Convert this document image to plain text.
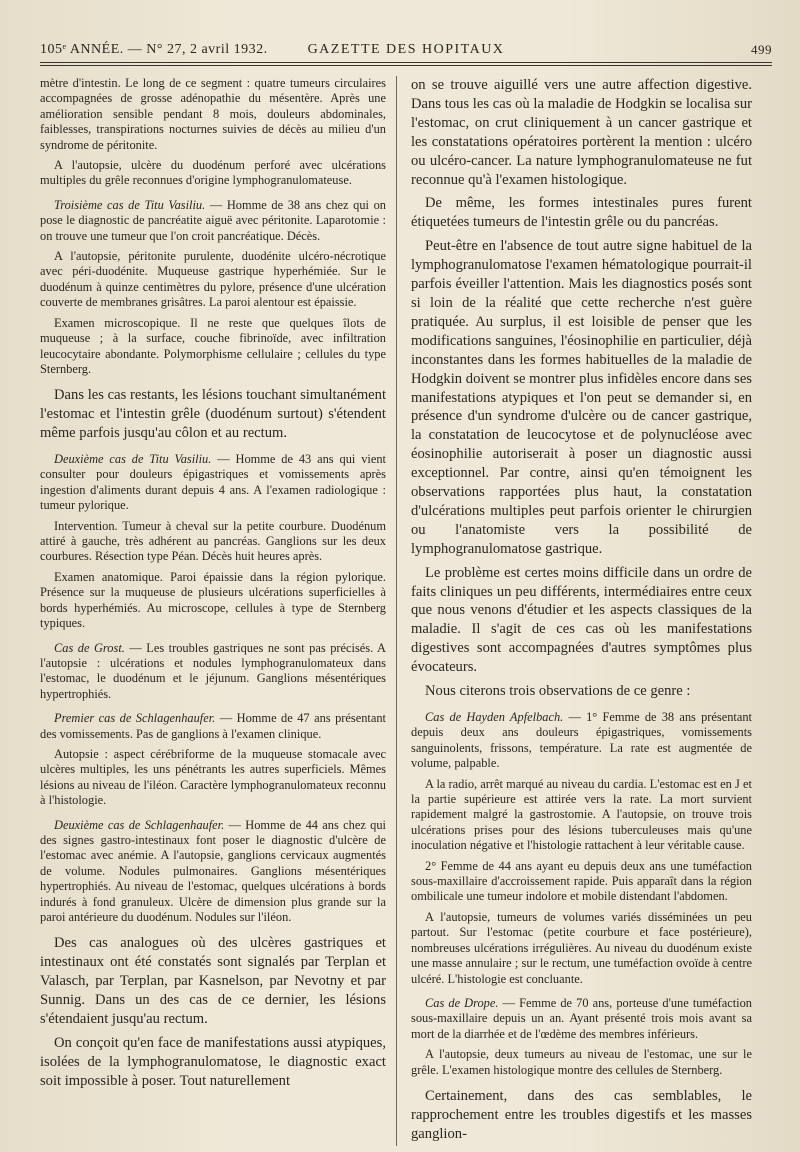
105ᵉ ANNÉE. — N° 27, 2 avril 1932.	GAZETTE DES HOPITAUX	499

mètre d'intestin. Le long de ce segment : quatre tumeurs circulaires accompagnées de grosse adénopathie du mésentère. Après une amélioration sensible pendant 8 mois, douleurs abdominales, faiblesses, transpirations nocturnes suivies de décès au milieu d'un syndrome de péritonite.

A l'autopsie, ulcère du duodénum perforé avec ulcérations multiples du grêle reconnues d'origine lymphogranulomateuse.

Troisième cas de Titu Vasiliu. — Homme de 38 ans chez qui on pose le diagnostic de pancréatite aiguë avec péritonite. Laparotomie : on trouve une tumeur que l'on croit pancréatique. Décès.

A l'autopsie, péritonite purulente, duodénite ulcéro-nécrotique avec péri-duodénite. Muqueuse gastrique hyperhémiée. Sur le duodénum à quinze centimètres du pylore, présence d'une ulcération couverte de membranes grisâtres. La paroi alentour est épaissie.

Examen microscopique. Il ne reste que quelques îlots de muqueuse ; à la surface, couche fibrinoïde, avec infiltration leucocytaire abondante. Polymorphisme cellulaire ; cellules du type Sternberg.

Dans les cas restants, les lésions touchant simultanément l'estomac et l'intestin grêle (duodénum surtout) s'étendent même parfois jusqu'au côlon et au rectum.

Deuxième cas de Titu Vasiliu. — Homme de 43 ans qui vient consulter pour douleurs épigastriques et vomissements après ingestion d'aliments durant depuis 4 ans. A l'examen radiologique : tumeur pylorique.

Intervention. Tumeur à cheval sur la petite courbure. Duodénum attiré à gauche, très adhérent au pancréas. Ganglions sur les deux courbures. Résection type Péan. Décès huit heures après.

Examen anatomique. Paroi épaissie dans la région pylorique. Présence sur la muqueuse de plusieurs ulcérations superficielles à bords hyperhémiés. Au microscope, cellules à type de Sternberg typiques.

Cas de Grost. — Les troubles gastriques ne sont pas précisés. A l'autopsie : ulcérations et nodules lymphogranulomateux dans l'estomac, le duodénum et le jéjunum. Ganglions mésentériques hypertrophiés.

Premier cas de Schlagenhaufer. — Homme de 47 ans présentant des vomissements. Pas de ganglions à l'examen clinique.

Autopsie : aspect cérébriforme de la muqueuse stomacale avec ulcères multiples, les uns pénétrants les autres superficiels. Mêmes lésions au niveau de l'iléon. Caractère lymphogranulomateux reconnu à l'histologie.

Deuxième cas de Schlagenhaufer. — Homme de 44 ans chez qui des signes gastro-intestinaux font poser le diagnostic d'ulcère de l'estomac avec anémie. A l'autopsie, ganglions cervicaux augmentés de volume. Nodules pulmonaires. Ganglions mésentériques hypertrophiés. Au niveau de l'estomac, quelques ulcérations à bords indurés à fond granuleux. Ulcère de dimension plus grande sur la paroi antérieure du duodénum. Nodules sur l'iléon.

Des cas analogues où des ulcères gastriques et intestinaux ont été constatés sont signalés par Terplan et Valasch, par Terplan, par Kasnelson, par Nevotny et par Sunnig. Dans un des cas de ce dernier, les lésions s'étendaient jusqu'au rectum.

On conçoit qu'en face de manifestations aussi atypiques, isolées de la lymphogranulomatose, le diagnostic exact soit impossible à poser. Tout naturellement

on se trouve aiguillé vers une autre affection digestive. Dans tous les cas où la maladie de Hodgkin se localisa sur l'estomac, on crut cliniquement à un cancer gastrique et les constatations opératoires portèrent la mention : ulcéro ou ulcéro-cancer. La nature lymphogranulomateuse ne fut reconnue qu'à l'examen histologique.

De même, les formes intestinales pures furent étiquetées tumeurs de l'intestin grêle ou du pancréas.

Peut-être en l'absence de tout autre signe habituel de la lymphogranulomatose l'examen hématologique pourrait-il parfois éveiller l'attention. Mais les diagnostics posés sont si loin de la réalité que cette recherche n'est guère pratiquée. Au surplus, il est loisible de penser que les modifications sanguines, l'éosinophilie en particulier, déjà inconstantes dans les formes habituelles de la maladie de Hodgkin doivent se montrer plus infidèles encore dans ses manifestations atypiques et l'on peut se demander si, en présence d'un syndrome d'ulcère ou de cancer gastrique, la constatation de leucocytose et de polynucléose avec éosinophilie autoriserait à poser un diagnostic aussi exceptionnel. Par contre, ainsi qu'en témoignent les observations rapportées plus haut, la constatation d'ulcérations multiples peut parfois orienter le chirurgien ou l'anatomiste vers la possibilité de lymphogranulomatose gastrique.

Le problème est certes moins difficile dans un ordre de faits cliniques un peu différents, intermédiaires entre ceux que nous venons d'étudier et les aspects classiques de la maladie. Il s'agit de ces cas où les manifestations digestives sont accompagnées d'autres symptômes plus évocateurs.

Nous citerons trois observations de ce genre :

Cas de Hayden Apfelbach. — 1° Femme de 38 ans présentant depuis deux ans douleurs épigastriques, vomissements sanguinolents, frissons, température. La rate est augmentée de volume, palpable.

A la radio, arrêt marqué au niveau du cardia. L'estomac est en J et la partie supérieure est attirée vers la rate. La mort survient rapidement malgré la gastrostomie. A l'autopsie, on trouve trois ulcérations prises pour des lésions tuberculeuses mais qu'une inoculation négative et l'histologie rattachent à leur véritable cause.

2° Femme de 44 ans ayant eu depuis deux ans une tuméfaction sous-maxillaire d'accroissement rapide. Puis apparaît dans la région ombilicale une tumeur indolore et mobile distendant l'abdomen.

A l'autopsie, tumeurs de volumes variés disséminées un peu partout. Sur l'estomac (petite courbure et face postérieure), nombreuses ulcérations irrégulières. Au niveau du duodénum existe une masse annulaire ; sur le rectum, une tuméfaction ovoïde à centre ulcéré. L'histologie est concluante.

Cas de Drope. — Femme de 70 ans, porteuse d'une tuméfaction sous-maxillaire depuis un an. Ayant présenté trois mois avant sa mort de la diarrhée et de l'œdème des membres inférieurs.

A l'autopsie, deux tumeurs au niveau de l'estomac, une sur le grêle. L'examen histologique montre des cellules de Sternberg.

Certainement, dans des cas semblables, le rapprochement entre les troubles digestifs et les masses ganglion-
